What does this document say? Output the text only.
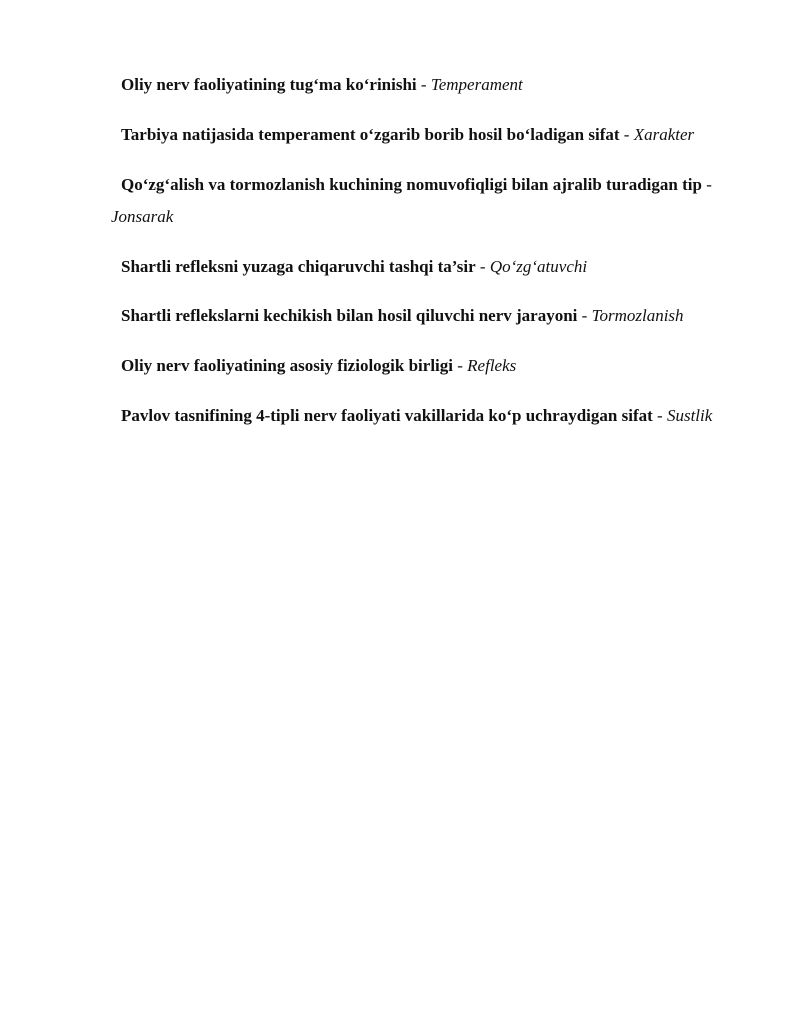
Oliy nerv faoliyatining tug‘ma ko‘rinishi - Temperament

Tarbiya natijasida temperament o‘zgarib borib hosil bo‘ladigan sifat - Xarakter

Qo‘zg‘alish va tormozlanish kuchining nomuvofiqligi bilan ajralib turadigan tip - Jonsarak

Shartli refleksni yuzaga chiqaruvchi tashqi ta’sir - Qo‘zg‘atuvchi

Shartli reflekslarni kechikish bilan hosil qiluvchi nerv jarayoni - Tormozlanish

Oliy nerv faoliyatining asosiy fiziologik birligi - Refleks

Pavlov tasnifining 4-tipli nerv faoliyati vakillarida ko‘p uchraydigan sifat - Sustlik
